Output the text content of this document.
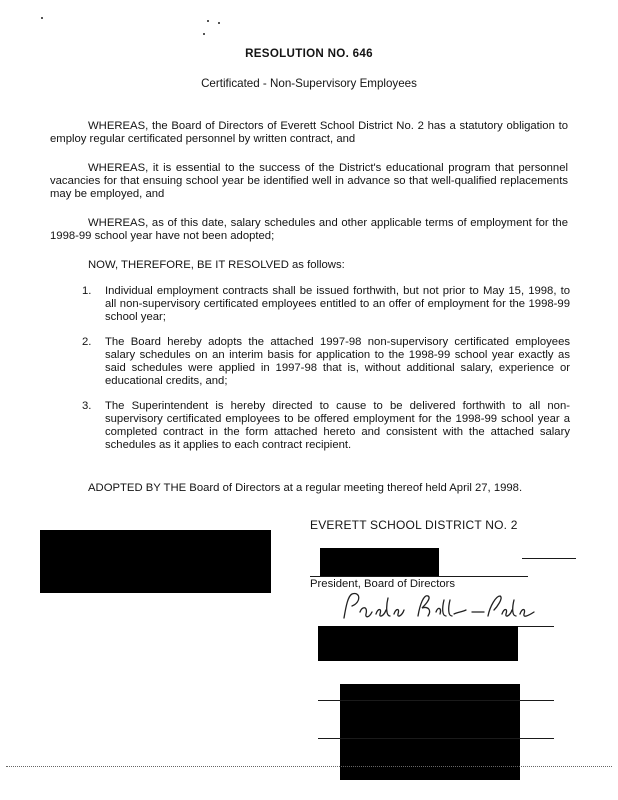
RESOLUTION NO. 646
Certificated - Non-Supervisory Employees
WHEREAS, the Board of Directors of Everett School District No. 2 has a statutory obligation to employ regular certificated personnel by written contract, and
WHEREAS, it is essential to the success of the District's educational program that personnel vacancies for that ensuing school year be identified well in advance so that well-qualified replacements may be employed, and
WHEREAS, as of this date, salary schedules and other applicable terms of employment for the 1998-99 school year have not been adopted;
NOW, THEREFORE, BE IT RESOLVED as follows:
1. Individual employment contracts shall be issued forthwith, but not prior to May 15, 1998, to all non-supervisory certificated employees entitled to an offer of employment for the 1998-99 school year;
2. The Board hereby adopts the attached 1997-98 non-supervisory certificated employees salary schedules on an interim basis for application to the 1998-99 school year exactly as said schedules were applied in 1997-98 that is, without additional salary, experience or educational credits, and;
3. The Superintendent is hereby directed to cause to be delivered forthwith to all non-supervisory certificated employees to be offered employment for the 1998-99 school year a completed contract in the form attached hereto and consistent with the attached salary schedules as it applies to each contract recipient.
ADOPTED BY THE Board of Directors at a regular meeting thereof held April 27, 1998.
EVERETT SCHOOL DISTRICT NO. 2
President, Board of Directors
